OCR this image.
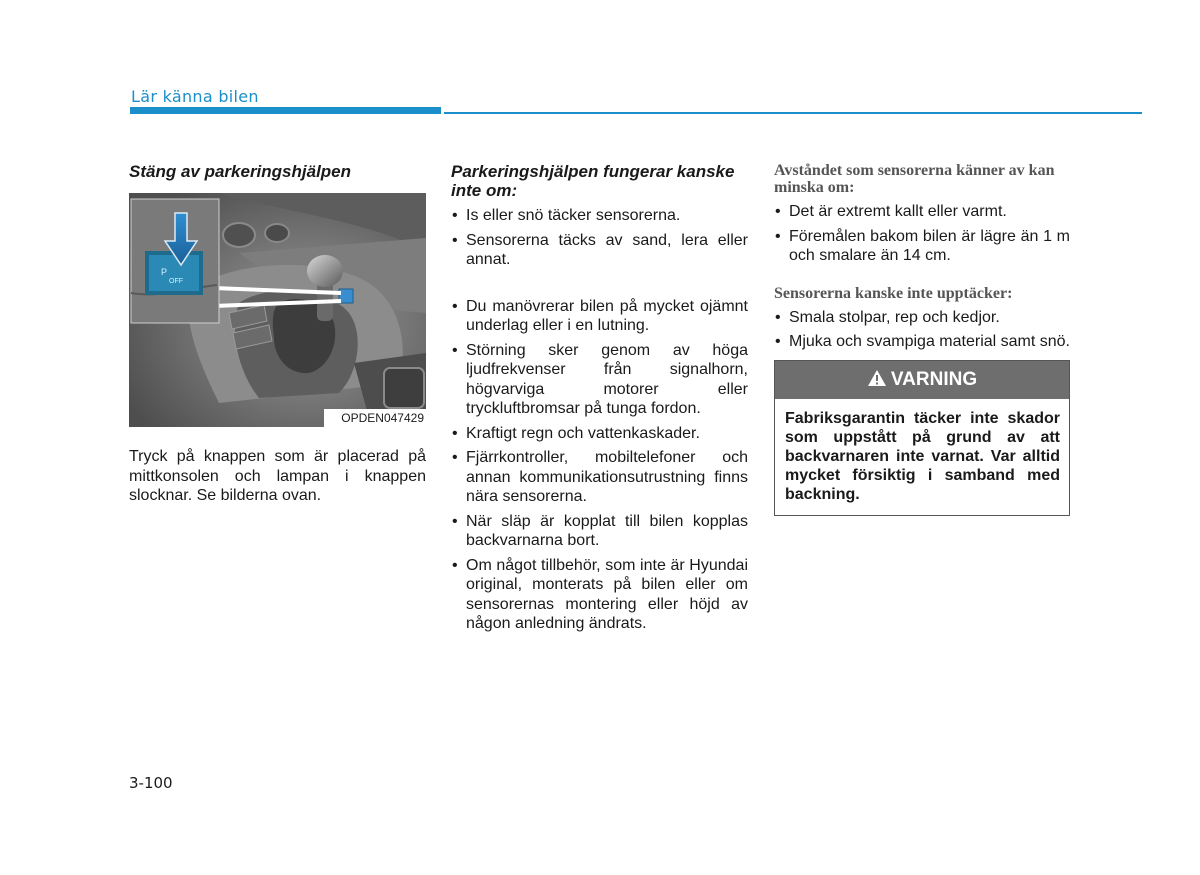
Lär känna bilen
Stäng av parkeringshjälpen
P
OFF
OPDEN047429

Tryck på knappen som är placerad på mittkonsolen och lampan i knappen slocknar. Se bilderna ovan.

Parkeringshjälpen fungerar kanske inte om:
• Is eller snö täcker sensorerna.
• Sensorerna täcks av sand, lera eller annat.
• Du manövrerar bilen på mycket ojämnt underlag eller i en lutning.
• Störning sker genom av höga ljudfrekvenser från signalhorn, högvarviga motorer eller tryckluftbromsar på tunga fordon.
• Kraftigt regn och vattenkaskader.
• Fjärrkontroller, mobiltelefoner och annan kommunikationsutrustning finns nära sensorerna.
• När släp är kopplat till bilen kopplas backvarnarna bort.
• Om något tillbehör, som inte är Hyundai original, monterats på bilen eller om sensorernas montering eller höjd av någon anledning ändrats.
Avståndet som sensorerna känner av kan minska om:
• Det är extremt kallt eller varmt.
• Föremålen bakom bilen är lägre än 1 m och smalare än 14 cm.
Sensorerna kanske inte upptäcker:
• Smala stolpar, rep och kedjor.
• Mjuka och svampiga material samt snö.
VARNING
Fabriksgarantin täcker inte skador som uppstått på grund av att backvarnaren inte varnat. Var alltid mycket försiktig i samband med backning.
3-100
